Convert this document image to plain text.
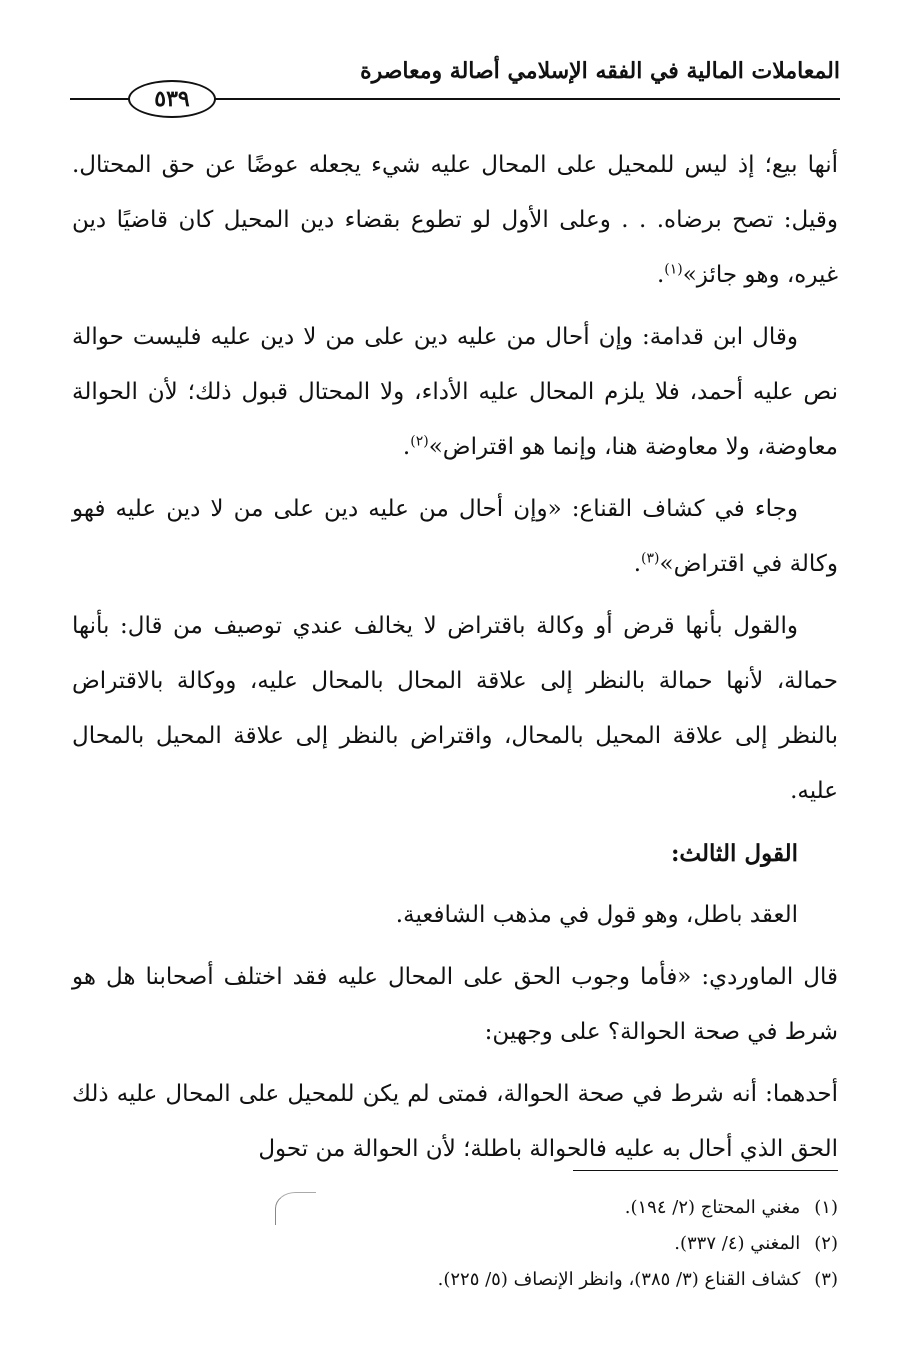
المعاملات المالية في الفقه الإسلامي أصالة ومعاصرة
٥٣٩

أنها بيع؛ إذ ليس للمحيل على المحال عليه شيء يجعله عوضًا عن حق المحتال. وقيل: تصح برضاه. . . وعلى الأول لو تطوع بقضاء دين المحيل كان قاضيًا دين غيره، وهو جائز»$^{(١)}$.

وقال ابن قدامة: وإن أحال من عليه دين على من لا دين عليه فليست حوالة نص عليه أحمد، فلا يلزم المحال عليه الأداء، ولا المحتال قبول ذلك؛ لأن الحوالة معاوضة، ولا معاوضة هنا، وإنما هو اقتراض»$^{(٢)}$.

وجاء في كشاف القناع: «وإن أحال من عليه دين على من لا دين عليه فهو وكالة في اقتراض»$^{(٣)}$.

والقول بأنها قرض أو وكالة باقتراض لا يخالف عندي توصيف من قال: بأنها حمالة، لأنها حمالة بالنظر إلى علاقة المحال بالمحال عليه، ووكالة بالاقتراض بالنظر إلى علاقة المحيل بالمحال، واقتراض بالنظر إلى علاقة المحيل بالمحال عليه.

القول الثالث:

العقد باطل، وهو قول في مذهب الشافعية.

قال الماوردي: «فأما وجوب الحق على المحال عليه فقد اختلف أصحابنا هل هو شرط في صحة الحوالة؟ على وجهين:

أحدهما: أنه شرط في صحة الحوالة، فمتى لم يكن للمحيل على المحال عليه ذلك الحق الذي أحال به عليه فالحوالة باطلة؛ لأن الحوالة من تحول

(١)مغني المحتاج (٢/ ١٩٤).

(٢)المغني (٤/ ٣٣٧).

(٣)كشاف القناع (٣/ ٣٨٥)، وانظر الإنصاف (٥/ ٢٢٥).
